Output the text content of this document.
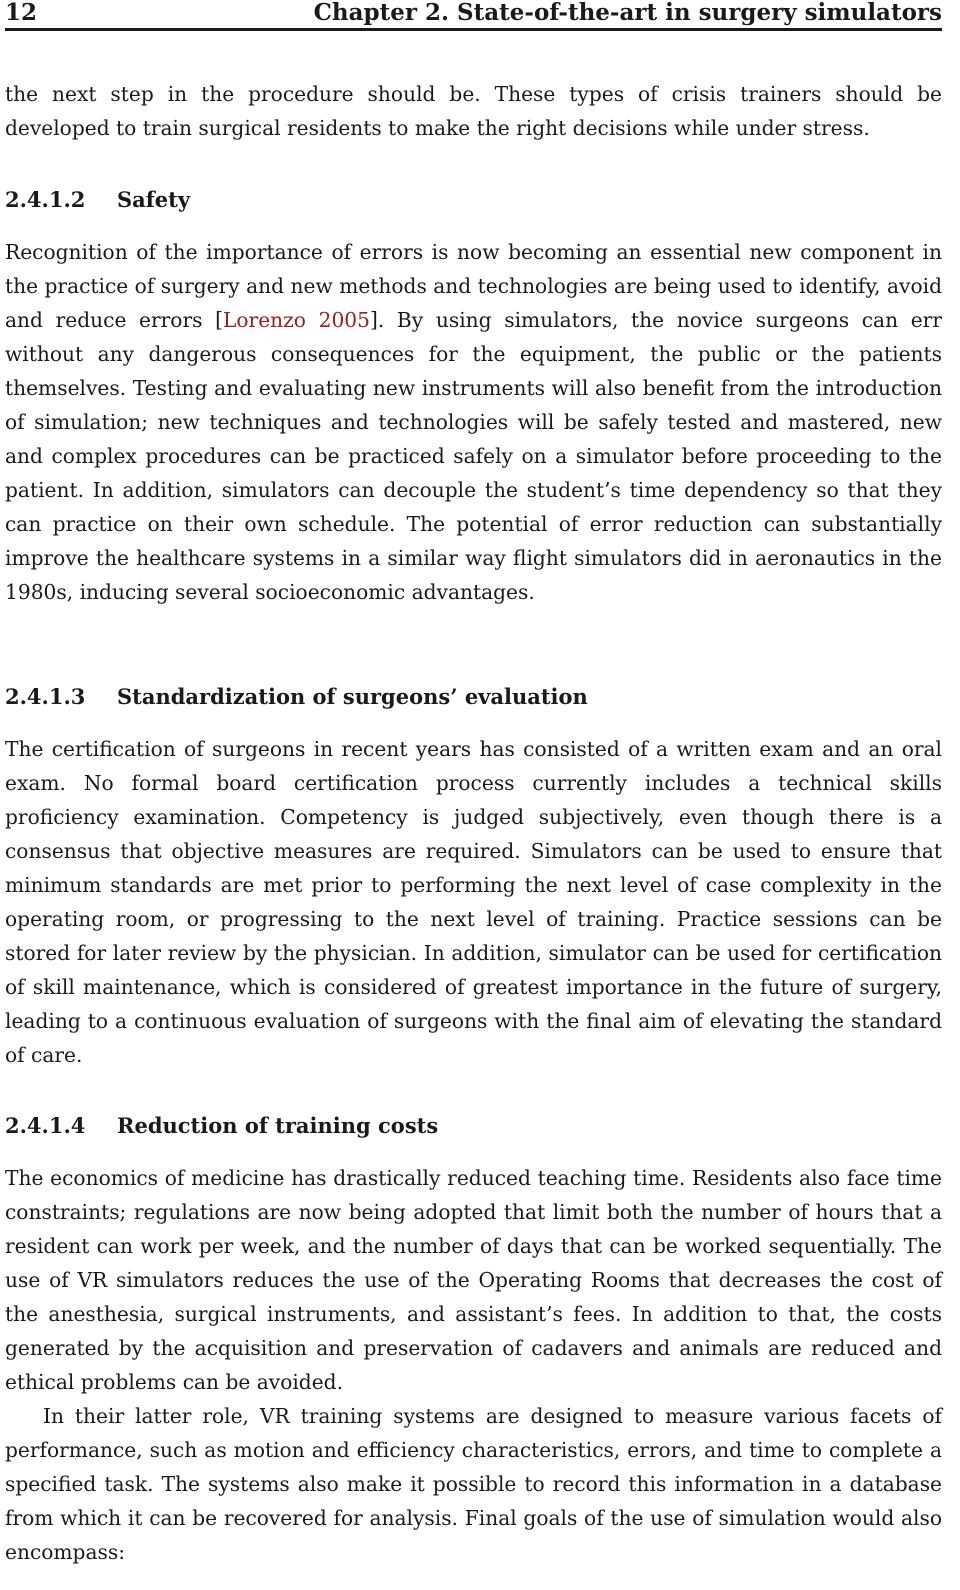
12	Chapter 2. State-of-the-art in surgery simulators

the next step in the procedure should be. These types of crisis trainers should be developed to train surgical residents to make the right decisions while under stress.

2.4.1.2 Safety

Recognition of the importance of errors is now becoming an essential new component in the practice of surgery and new methods and technologies are being used to identify, avoid and reduce errors [Lorenzo 2005]. By using simulators, the novice surgeons can err without any dangerous consequences for the equipment, the public or the patients themselves. Testing and evaluating new instruments will also benefit from the introduction of simulation; new techniques and technologies will be safely tested and mastered, new and complex procedures can be practiced safely on a simulator before proceeding to the patient. In addition, simulators can decouple the student’s time dependency so that they can practice on their own schedule. The potential of error reduction can substantially improve the healthcare systems in a similar way flight simulators did in aeronautics in the 1980s, inducing several socioeconomic advantages.

2.4.1.3 Standardization of surgeons’ evaluation

The certification of surgeons in recent years has consisted of a written exam and an oral exam. No formal board certification process currently includes a technical skills proficiency examination. Competency is judged subjectively, even though there is a consensus that objective measures are required. Simulators can be used to ensure that minimum standards are met prior to performing the next level of case complexity in the operating room, or progressing to the next level of training. Practice sessions can be stored for later review by the physician. In addition, simulator can be used for certification of skill maintenance, which is considered of greatest importance in the future of surgery, leading to a continuous evaluation of surgeons with the final aim of elevating the standard of care.

2.4.1.4 Reduction of training costs

The economics of medicine has drastically reduced teaching time. Residents also face time constraints; regulations are now being adopted that limit both the number of hours that a resident can work per week, and the number of days that can be worked sequentially. The use of VR simulators reduces the use of the Operating Rooms that decreases the cost of the anesthesia, surgical instruments, and assistant’s fees. In addition to that, the costs generated by the acquisition and preservation of cadavers and animals are reduced and ethical problems can be avoided.

In their latter role, VR training systems are designed to measure various facets of performance, such as motion and efficiency characteristics, errors, and time to complete a specified task. The systems also make it possible to record this information in a database from which it can be recovered for analysis. Final goals of the use of simulation would also encompass:
